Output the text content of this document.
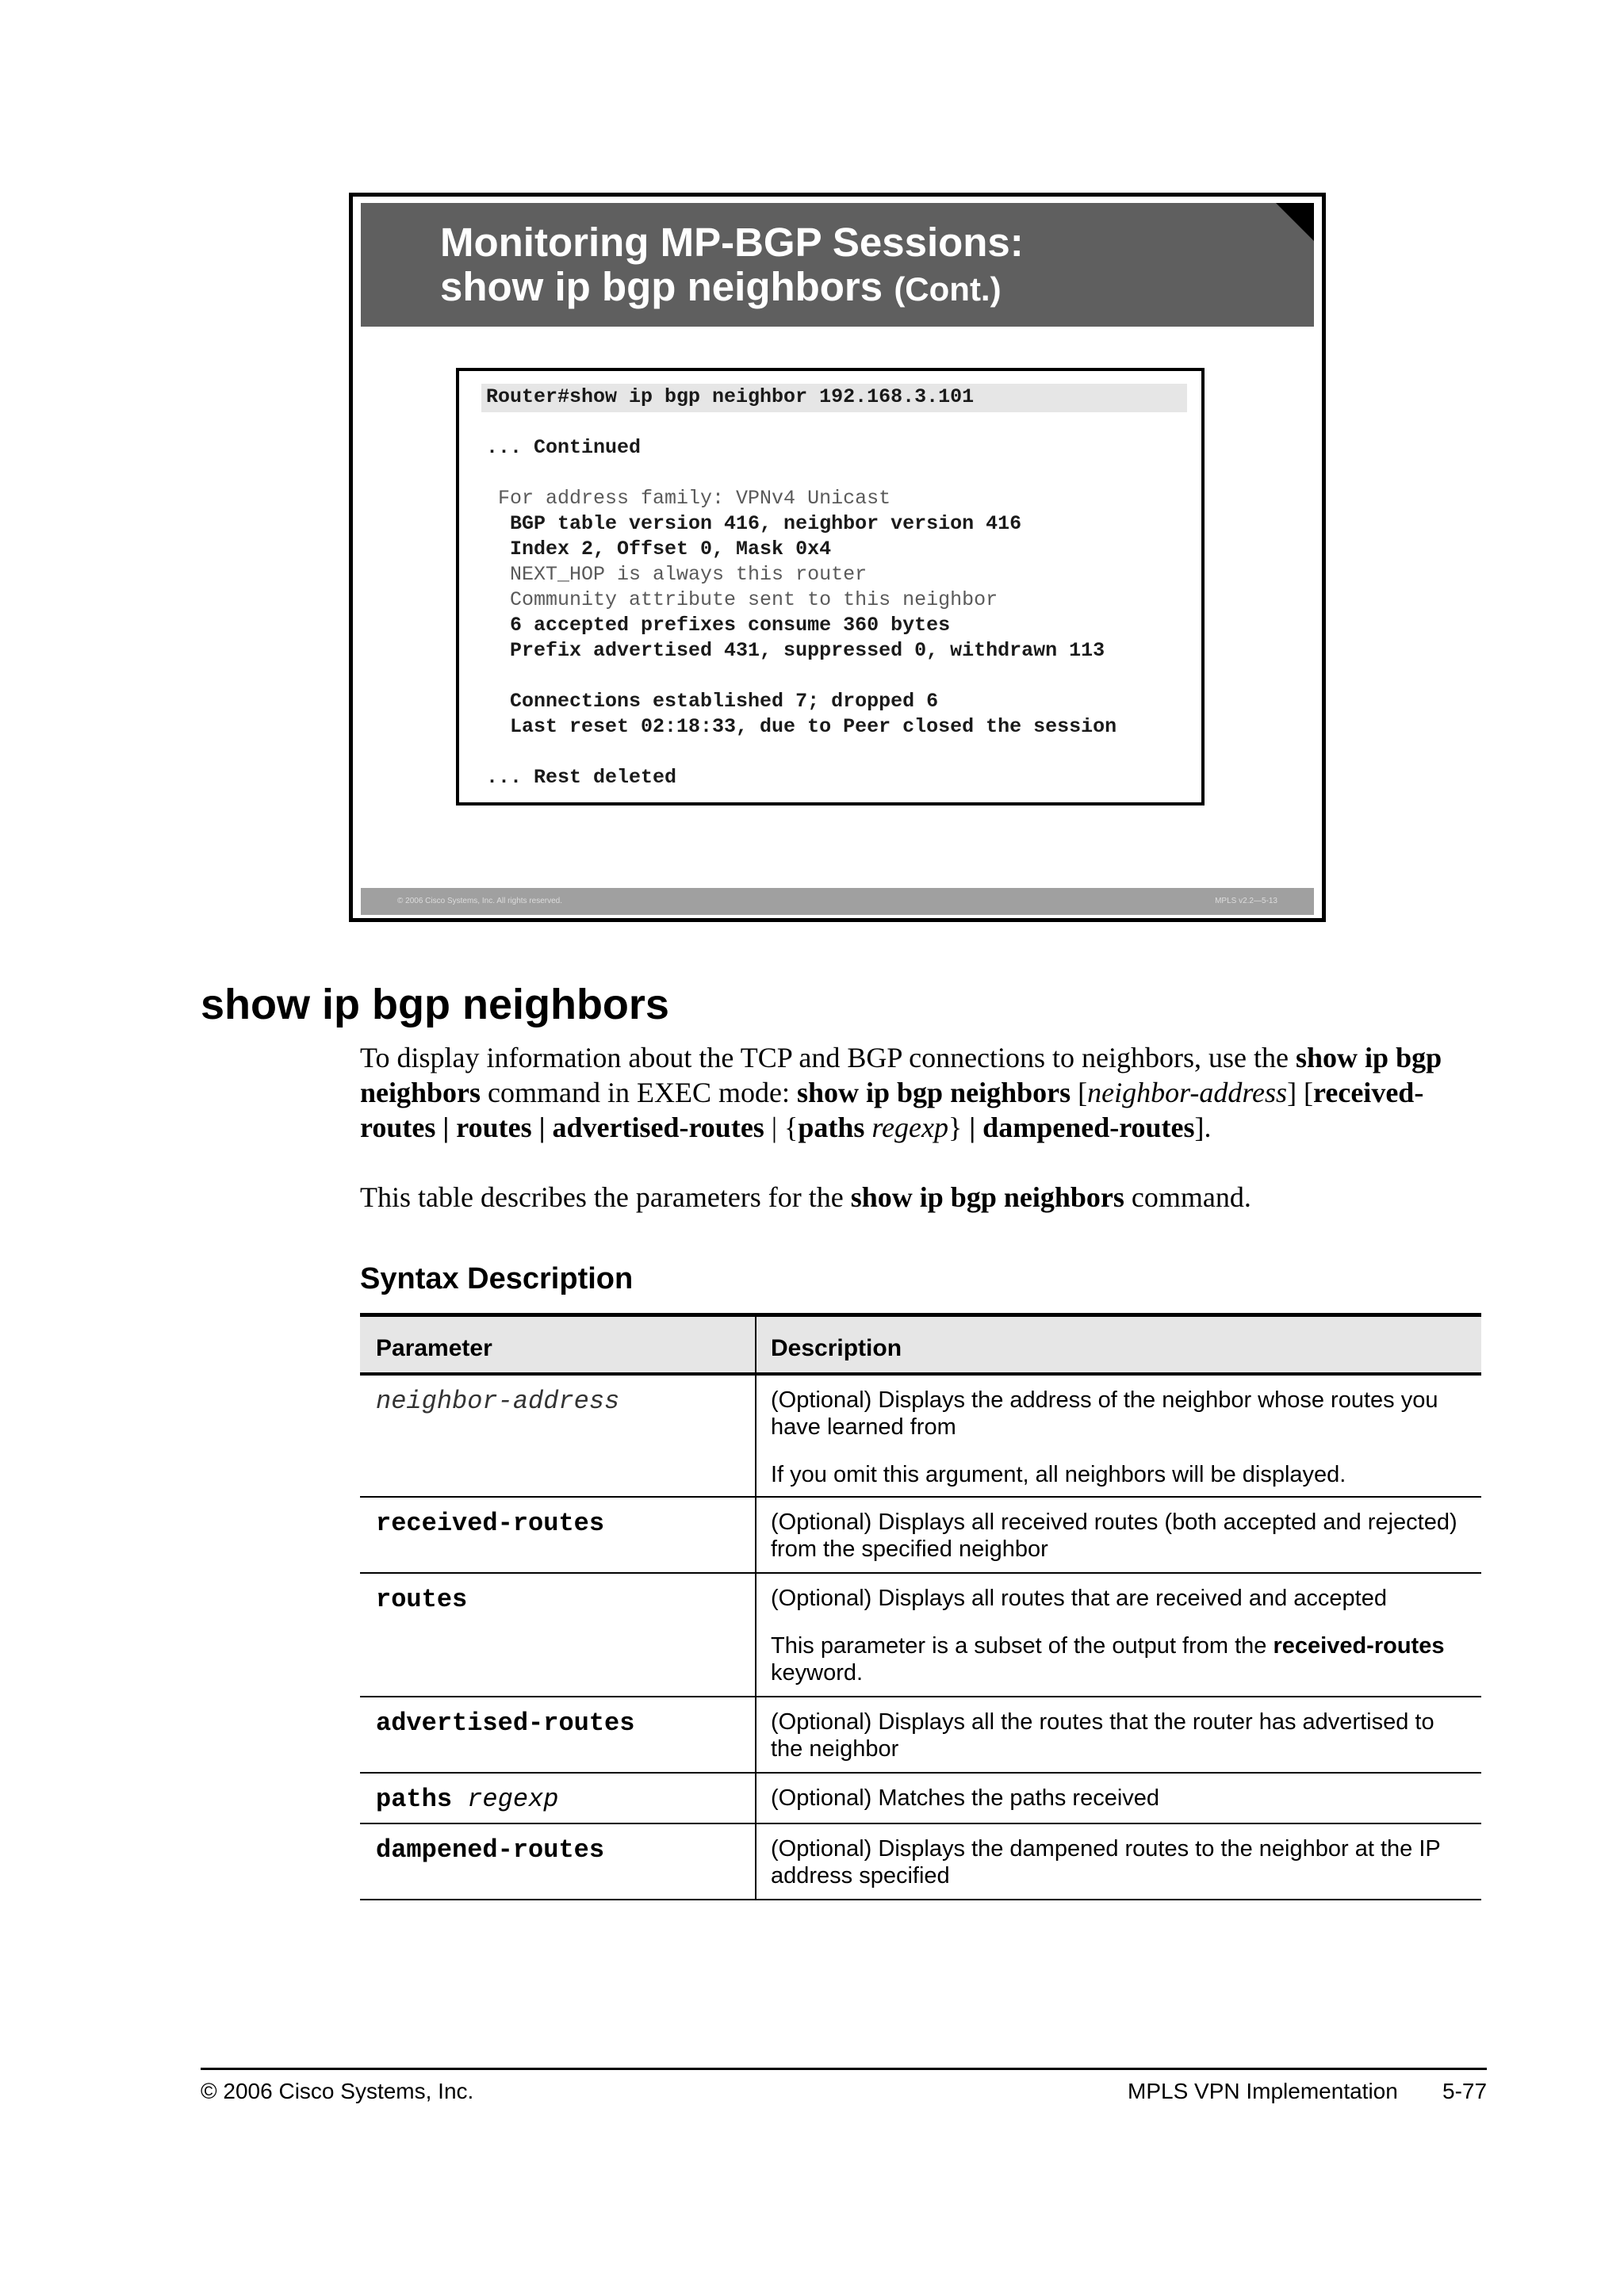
Monitoring MP-BGP Sessions:
show ip bgp neighbors (Cont.)
Router#show ip bgp neighbor 192.168.3.101
... Continued
For address family: VPNv4 Unicast
BGP table version 416, neighbor version 416
Index 2, Offset 0, Mask 0x4
NEXT_HOP is always this router
Community attribute sent to this neighbor
6 accepted prefixes consume 360 bytes
Prefix advertised 431, suppressed 0, withdrawn 113
Connections established 7; dropped 6
Last reset 02:18:33, due to Peer closed the session
... Rest deleted
© 2006 Cisco Systems, Inc. All rights reserved.	MPLS v2.2—5-13
show ip bgp neighbors
To display information about the TCP and BGP connections to neighbors, use the show ip bgp neighbors command in EXEC mode: show ip bgp neighbors [neighbor-address] [received-routes | routes | advertised-routes | {paths regexp} | dampened-routes].
This table describes the parameters for the show ip bgp neighbors command.
Syntax Description
Parameter	Description
neighbor-address	(Optional) Displays the address of the neighbor whose routes you have learned from

If you omit this argument, all neighbors will be displayed.

received-routes	(Optional) Displays all received routes (both accepted and rejected) from the specified neighbor

routes	(Optional) Displays all routes that are received and accepted

This parameter is a subset of the output from the received-routes keyword.

advertised-routes	(Optional) Displays all the routes that the router has advertised to the neighbor

paths regexp	(Optional) Matches the paths received

dampened-routes	(Optional) Displays the dampened routes to the neighbor at the IP address specified

© 2006 Cisco Systems, Inc.	MPLS VPN Implementation 5-77
